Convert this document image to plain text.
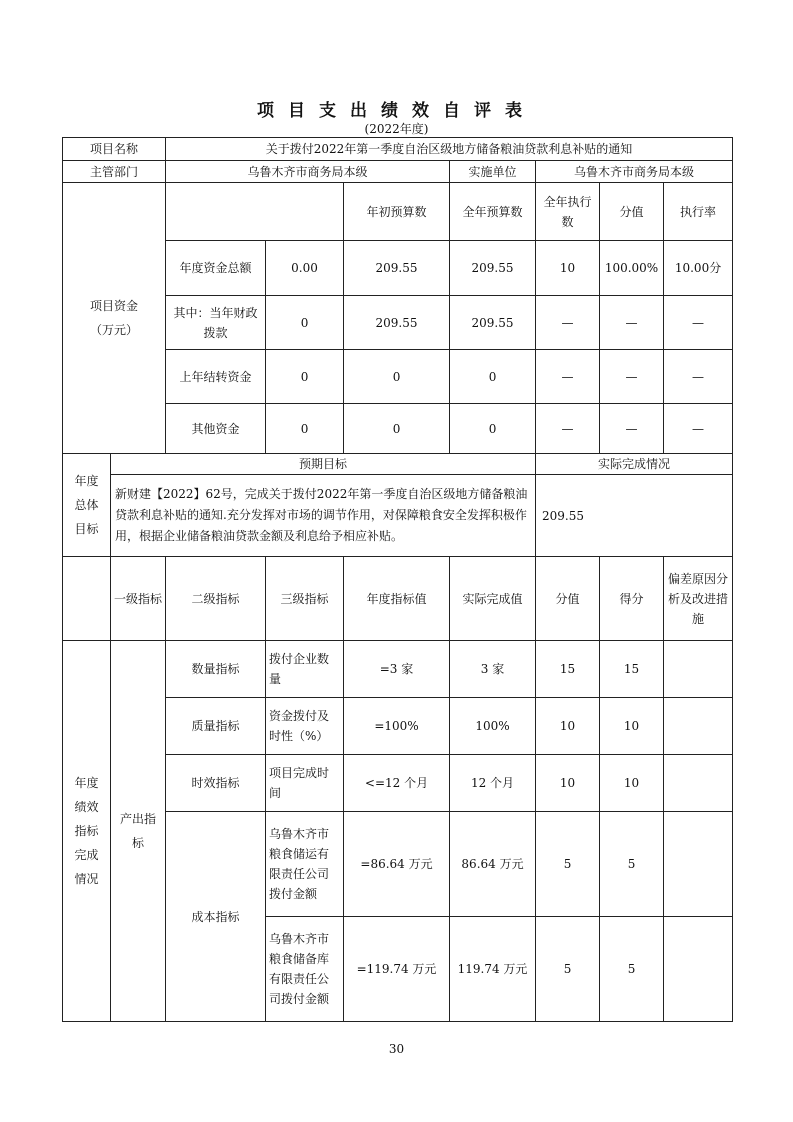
项目支出绩效自评表
(2022年度)
项目名称		关于拨付2022年第一季度自治区级地方储备粮油贷款利息补贴的通知							
主管部门		乌鲁木齐市商务局本级			实施单位	乌鲁木齐市商务局本级			
项目资金
（万元）				年初预算数	全年预算数	全年执行数	分值	执行率	
		年度资金总额	0.00	209.55	209.55	10	100.00%	10.00分	
		其中：当年财政拨款	0	209.55	209.55	—	—	—	
		上年结转资金	0	0	0	—	—	—	
		其他资金	0	0	0	—	—	—	
年度
总体
目标	预期目标					实际完成情况			
	新财建【2022】62号，完成关于拨付2022年第一季度自治区级地方储备粮油贷款利息补贴的通知.充分发挥对市场的调节作用，对保障粮食安全发挥积极作用，根据企业储备粮油贷款金额及利息给予相应补贴。					209.55			
	一级指标	二级指标	三级指标	年度指标值	实际完成值	分值	得分	偏差原因分析及改进措施	
年度
绩效
指标
完成
情况	产出指
标	数量指标	拨付企业数量	=3 家	3 家	15	15		
		质量指标	资金拨付及时性（%）	=100%	100%	10	10		
		时效指标	项目完成时间	<=12 个月	12 个月	10	10		
		成本指标	乌鲁木齐市粮食储运有限责任公司拨付金额	=86.64 万元	86.64 万元	5	5		
			乌鲁木齐市粮食储备库有限责任公司拨付金额	=119.74 万元	119.74 万元	5	5		
30
